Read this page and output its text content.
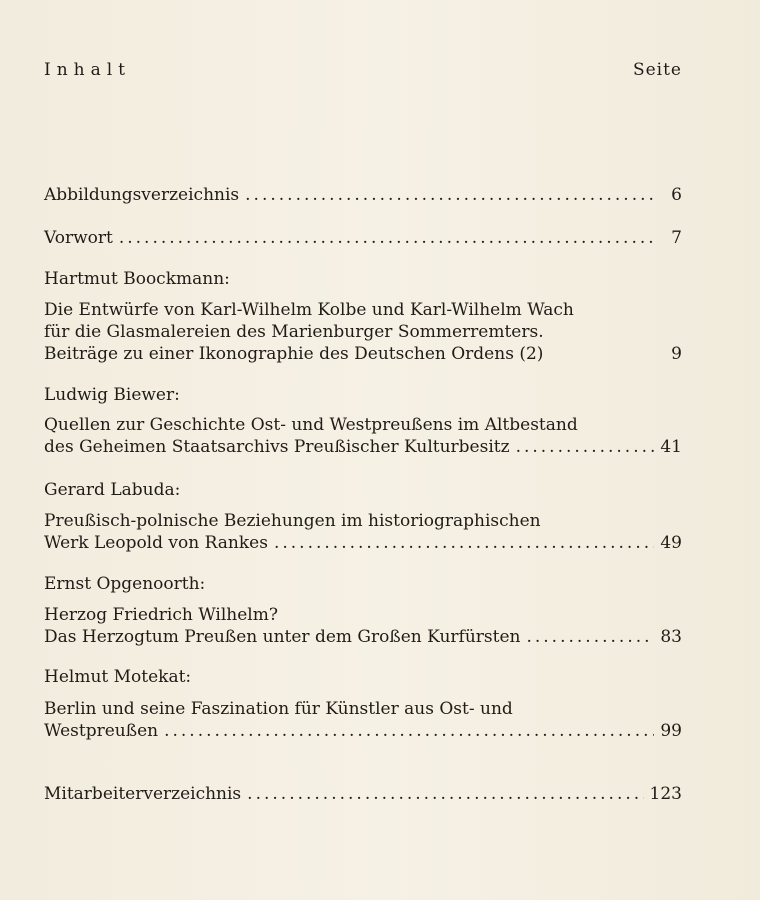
Inhalt	Seite
Abbildungsverzeichnis .....	6
Vorwort .....	7
Hartmut Boockmann:
Die Entwürfe von Karl-Wilhelm Kolbe und Karl-Wilhelm Wach
für die Glasmalereien des Marienburger Sommerremters.
Beiträge zu einer Ikonographie des Deutschen Ordens (2)	9
Ludwig Biewer:
Quellen zur Geschichte Ost- und Westpreußens im Altbestand
des Geheimen Staatsarchivs Preußischer Kulturbesitz .....	41
Gerard Labuda:
Preußisch-polnische Beziehungen im historiographischen
Werk Leopold von Rankes .....	49
Ernst Opgenoorth:
Herzog Friedrich Wilhelm?
Das Herzogtum Preußen unter dem Großen Kurfürsten .....	83
Helmut Motekat:
Berlin und seine Faszination für Künstler aus Ost- und
Westpreußen .....	99
Mitarbeiterverzeichnis .....	123
